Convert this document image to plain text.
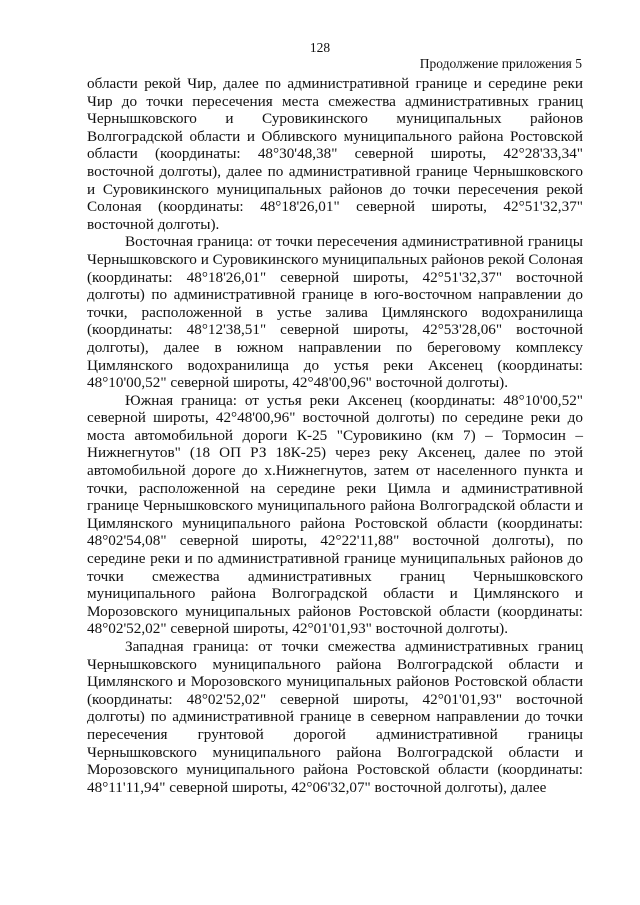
128
Продолжение приложения 5

области рекой Чир, далее по административной границе и середине реки Чир до точки пересечения места смежества административных границ Чернышковского и Суровикинского муниципальных районов Волгоградской области и Обливского муниципального района Ростовской области (координаты: 48°30'48,38" северной широты, 42°28'33,34" восточной долготы), далее по административной границе Чернышковского и Суровикинского муниципальных районов до точки пересечения рекой Солоная (координаты: 48°18'26,01" северной широты, 42°51'32,37" восточной долготы).

Восточная граница: от точки пересечения административной границы Чернышковского и Суровикинского муниципальных районов рекой Солоная (координаты: 48°18'26,01" северной широты, 42°51'32,37" восточной долготы) по административной границе в юго-восточном направлении до точки, расположенной в устье залива Цимлянского водохранилища (координаты: 48°12'38,51" северной широты, 42°53'28,06" восточной долготы), далее в южном направлении по береговому комплексу Цимлянского водохранилища до устья реки Аксенец (координаты: 48°10'00,52" северной широты, 42°48'00,96" восточной долготы).

Южная граница: от устья реки Аксенец (координаты: 48°10'00,52" северной широты, 42°48'00,96" восточной долготы) по середине реки до моста автомобильной дороги К-25 "Суровикино (км 7) – Тормосин – Нижнегнутов" (18 ОП РЗ 18К-25) через реку Аксенец, далее по этой автомобильной дороге до х.Нижнегнутов, затем от населенного пункта и точки, расположенной на середине реки Цимла и административной границе Чернышковского муниципального района Волгоградской области и Цимлянского муниципального района Ростовской области (координаты: 48°02'54,08" северной широты, 42°22'11,88" восточной долготы), по середине реки и по административной границе муниципальных районов до точки смежества административных границ Чернышковского муниципального района Волгоградской области и Цимлянского и Морозовского муниципальных районов Ростовской области (координаты: 48°02'52,02" северной широты, 42°01'01,93" восточной долготы).

Западная граница: от точки смежества административных границ Чернышковского муниципального района Волгоградской области и Цимлянского и Морозовского муниципальных районов Ростовской области (координаты: 48°02'52,02" северной широты, 42°01'01,93" восточной долготы) по административной границе в северном направлении до точки пересечения грунтовой дорогой административной границы Чернышковского муниципального района Волгоградской области и Морозовского муниципального района Ростовской области (координаты: 48°11'11,94" северной широты, 42°06'32,07" восточной долготы), далее
